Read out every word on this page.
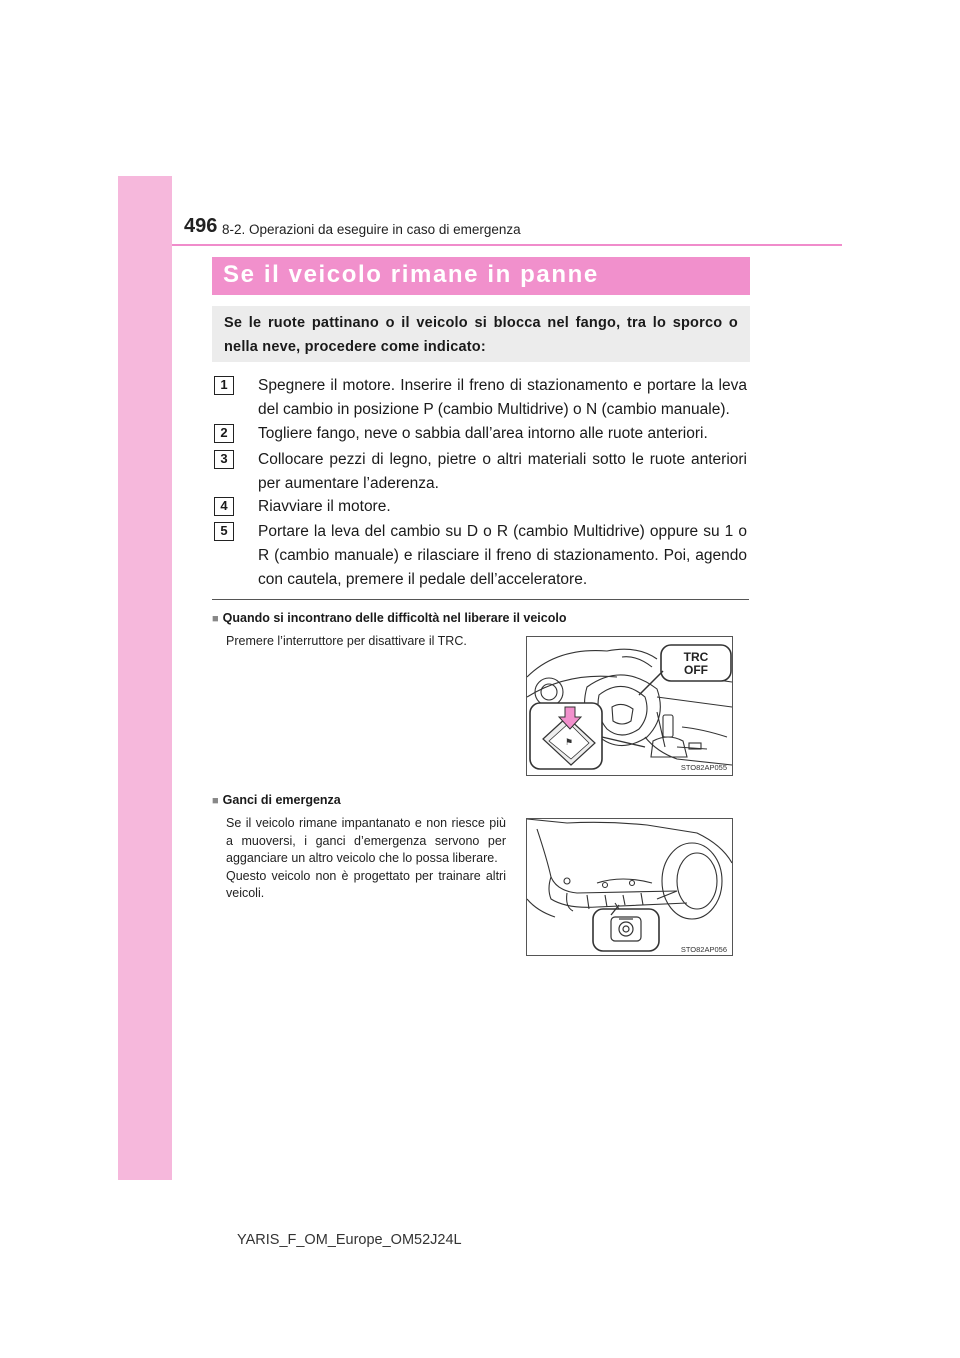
496 8-2. Operazioni da eseguire in caso di emergenza
Se il veicolo rimane in panne
Se le ruote pattinano o il veicolo si blocca nel fango, tra lo sporco o nella neve, procedere come indicato:
1	Spegnere il motore. Inserire il freno di stazionamento e portare la leva del cambio in posizione P (cambio Multidrive) o N (cambio manuale).
2	Togliere fango, neve o sabbia dall’area intorno alle ruote anteriori.
3	Collocare pezzi di legno, pietre o altri materiali sotto le ruote anteriori per aumentare l’aderenza.
4	Riavviare il motore.
5	Portare la leva del cambio su D o R (cambio Multidrive) oppure su 1 o R (cambio manuale) e rilasciare il freno di stazionamento. Poi, agendo con cautela, premere il pedale dell’acceleratore.
■ Quando si incontrano delle difficoltà nel liberare il veicolo
Premere l’interruttore per disattivare il TRC.
TRC
OFF
⚑
STO82AP055
■ Ganci di emergenza
Se il veicolo rimane impantanato e non riesce più a muoversi, i ganci d’emergenza servono per agganciare un altro veicolo che lo possa liberare.
Questo veicolo non è progettato per trainare altri veicoli.
STO82AP056
YARIS_F_OM_Europe_OM52J24L
